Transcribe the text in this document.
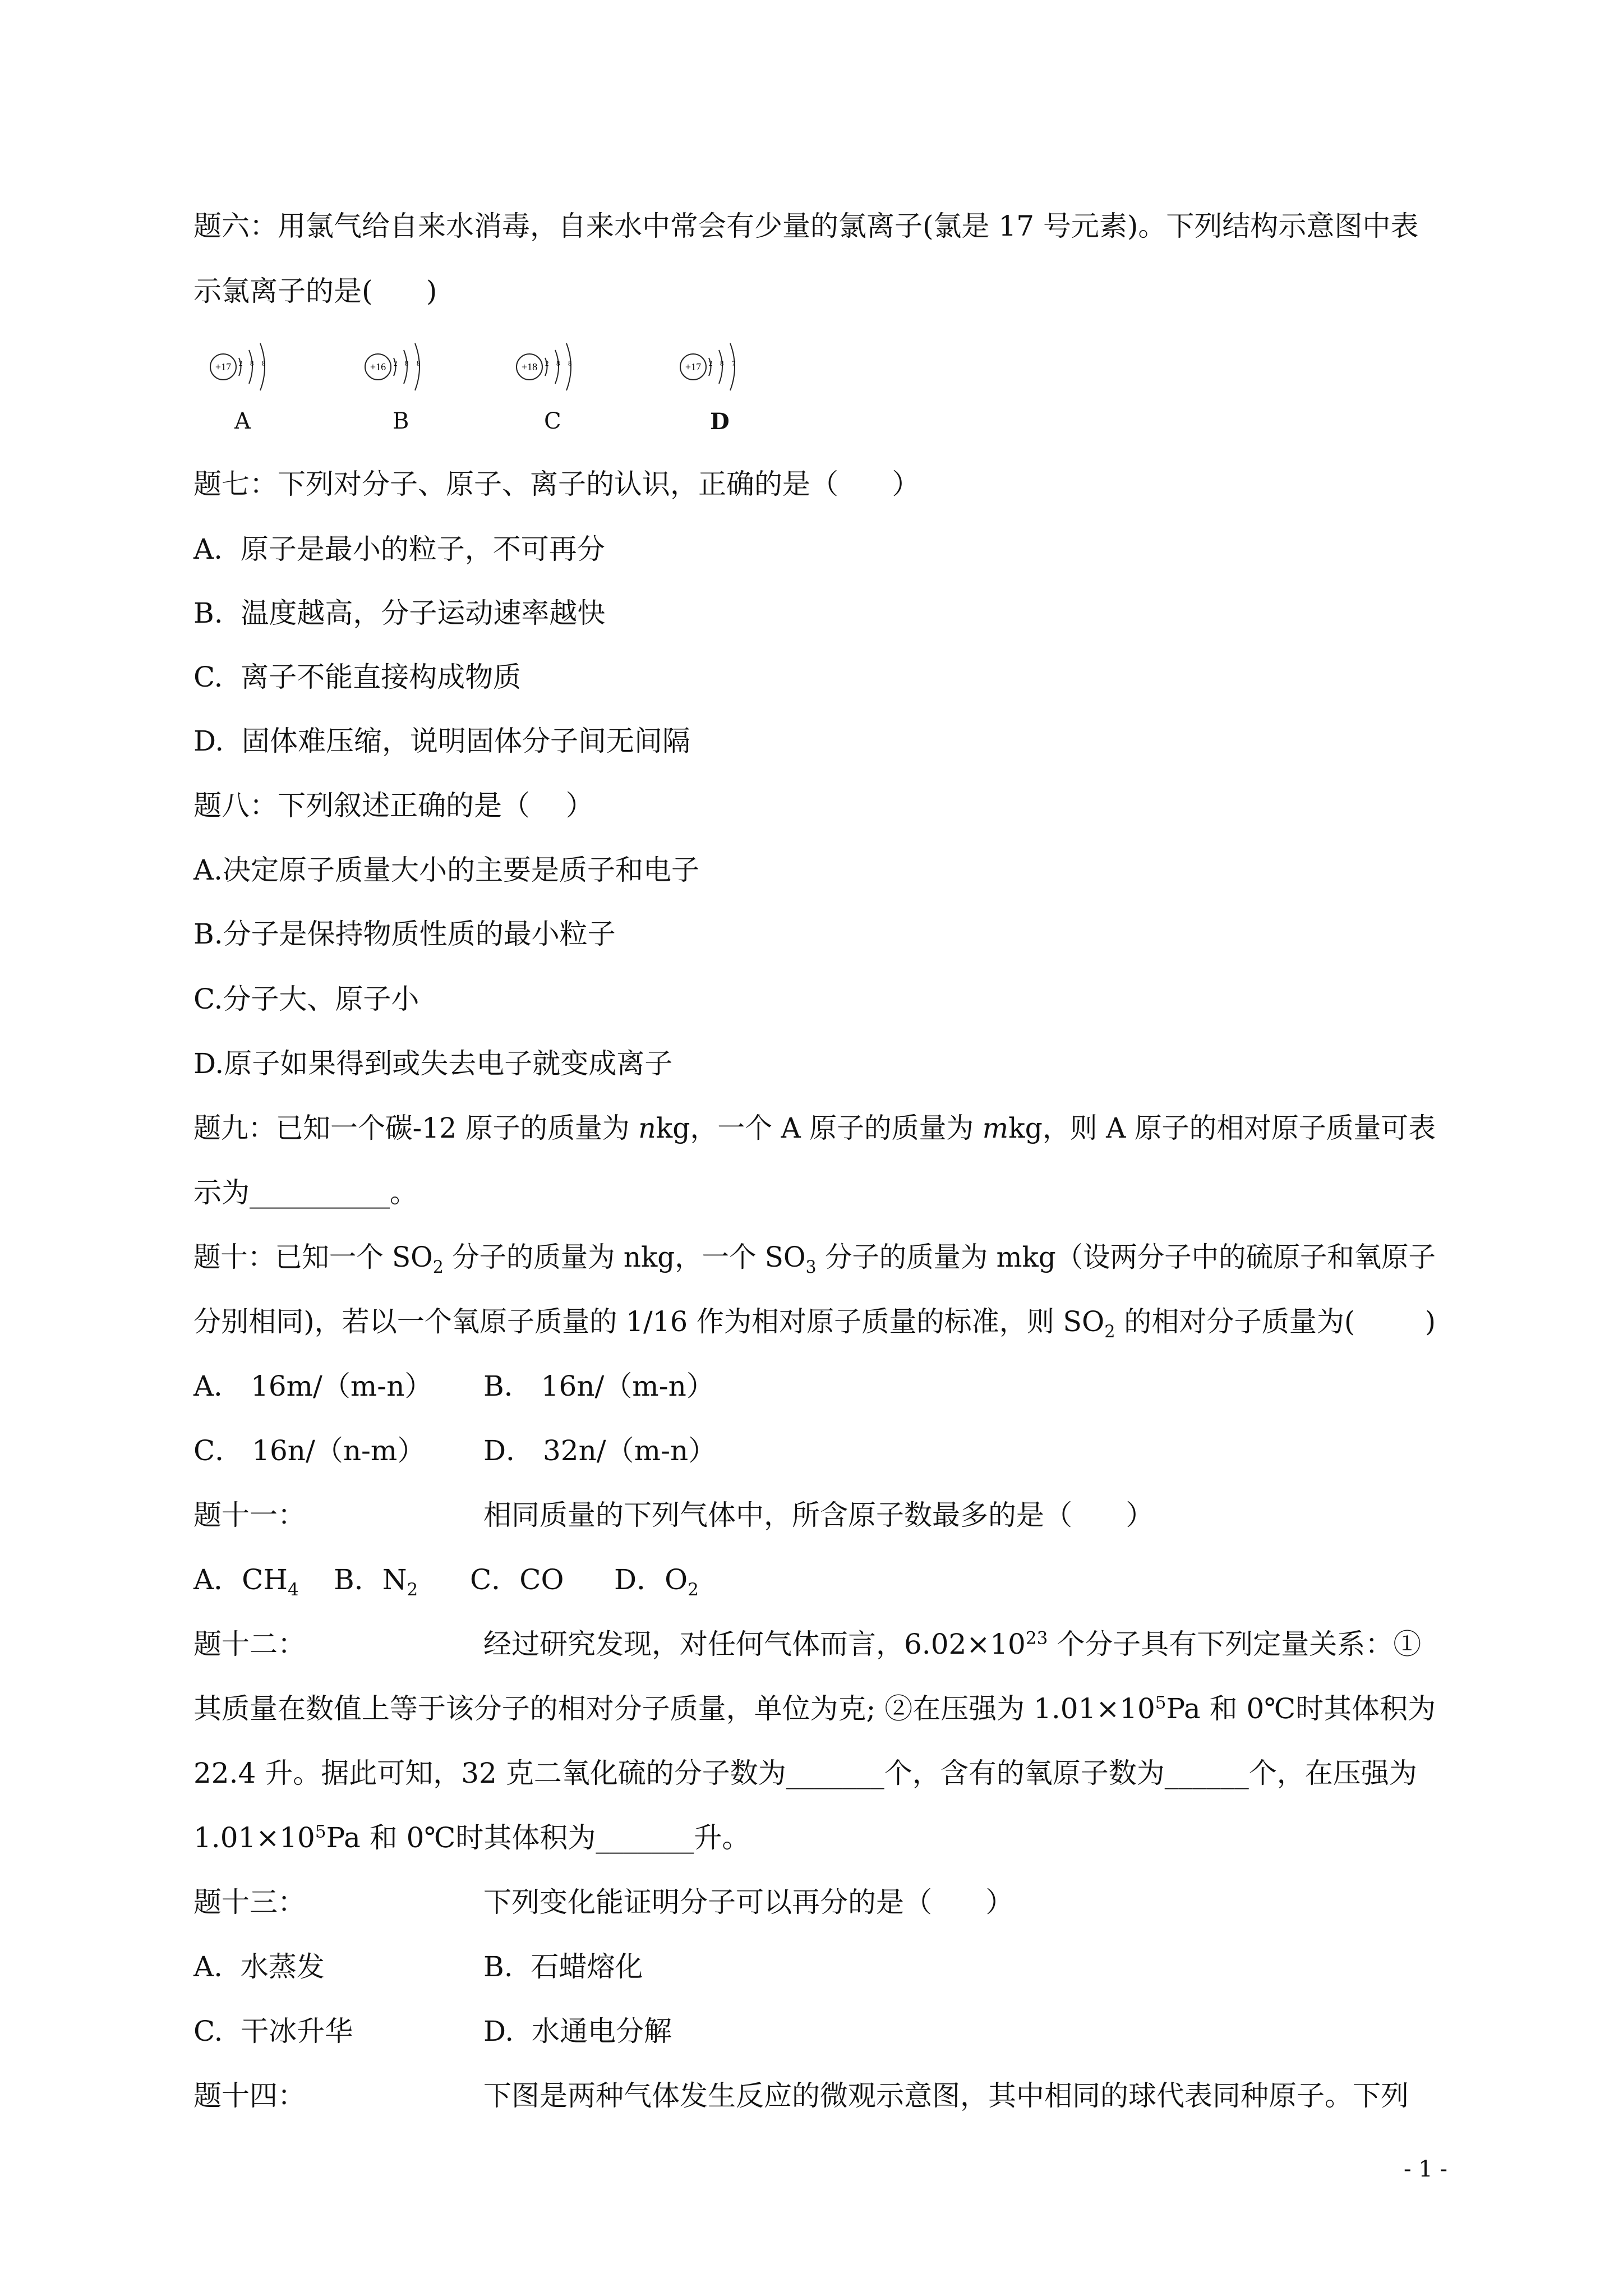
题六：用氯气给自来水消毒，自来水中常会有少量的氯离子(氯是 17 号元素)。下列结构示意图中表
示氯离子的是(      )
+17 2 8 8
A
+16 2 8 8
B
+18 2 8 8
C
+17 2 8 7
D
题七：下列对分子、原子、离子的认识，正确的是（      ）
A.  原子是最小的粒子，不可再分
B.  温度越高，分子运动速率越快
C.  离子不能直接构成物质
D.  固体难压缩，说明固体分子间无间隔
题八：下列叙述正确的是（    ）
A.决定原子质量大小的主要是质子和电子
B.分子是保持物质性质的最小粒子
C.分子大、原子小
D.原子如果得到或失去电子就变成离子
题九：已知一个碳-12 原子的质量为 nkg，一个 A 原子的质量为 mkg，则 A 原子的相对原子质量可表
示为__________。
题十：已知一个 $SO_2$ 分子的质量为 nkg，一个 $SO_3$ 分子的质量为 mkg（设两分子中的硫原子和氧原子
分别相同)，若以一个氧原子质量的 1/16 作为相对原子质量的标准，则 $SO_2$ 的相对分子质量为(        )
A． 16m/（m-n） B． 16n/（m-n）
C． 16n/（n-m） D． 32n/（m-n）
题十一：	相同质量的下列气体中，所含原子数最多的是（      ）
A．$CH_4$ B．$N_2$ C．CO D．$O_2$
题十二：	经过研究发现，对任何气体而言，$6.02\times 10^{23}$ 个分子具有下列定量关系：①
其质量在数值上等于该分子的相对分子质量，单位为克; ②在压强为 $1.01\times 10^5Pa$ 和 0℃时其体积为
22.4 升。据此可知，32 克二氧化硫的分子数为_______个，含有的氧原子数为______个，在压强为
$1.01\times 10^5Pa$ 和 0℃时其体积为_______升。
题十三：	下列变化能证明分子可以再分的是（      ）
A.  水蒸发	B.  石蜡熔化
C.  干冰升华	D.  水通电分解
题十四：	下图是两种气体发生反应的微观示意图，其中相同的球代表同种原子。下列
- 1 -
